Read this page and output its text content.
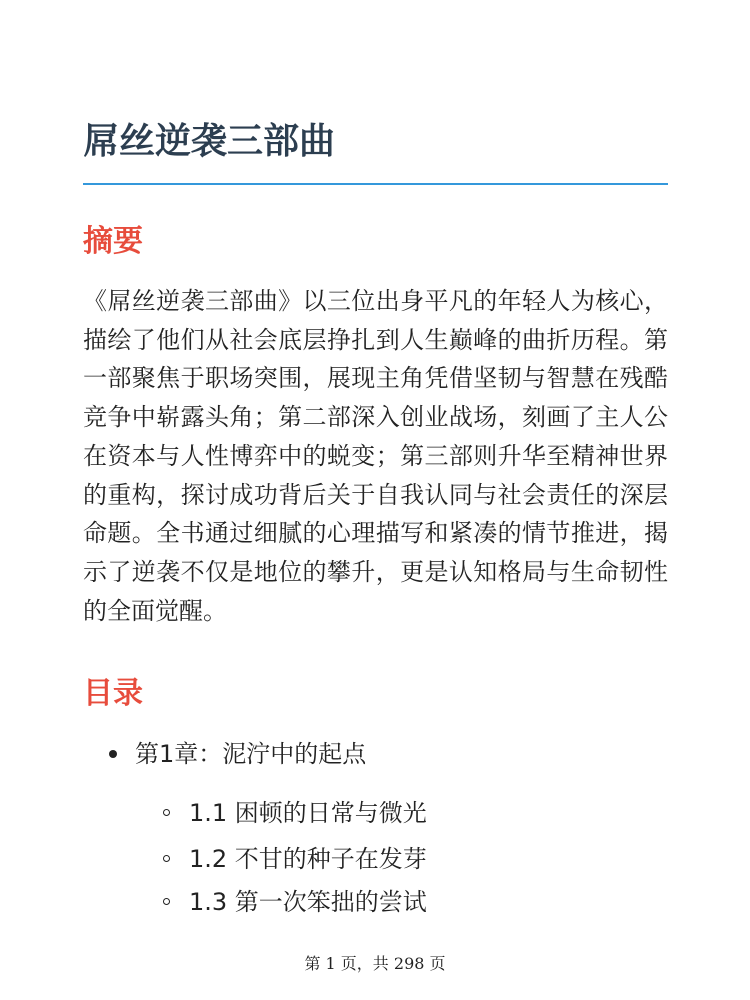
屌丝逆袭三部曲
摘要

《屌丝逆袭三部曲》以三位出身平凡的年轻人为核心，描绘了他们从社会底层挣扎到人生巅峰的曲折历程。第一部聚焦于职场突围，展现主角凭借坚韧与智慧在残酷竞争中崭露头角；第二部深入创业战场，刻画了主人公在资本与人性博弈中的蜕变；第三部则升华至精神世界的重构，探讨成功背后关于自我认同与社会责任的深层命题。全书通过细腻的心理描写和紧凑的情节推进，揭示了逆袭不仅是地位的攀升，更是认知格局与生命韧性的全面觉醒。

目录
第1章：泥泞中的起点
1.1 困顿的日常与微光
1.2 不甘的种子在发芽
1.3 第一次笨拙的尝试
第 1 页，共 298 页
